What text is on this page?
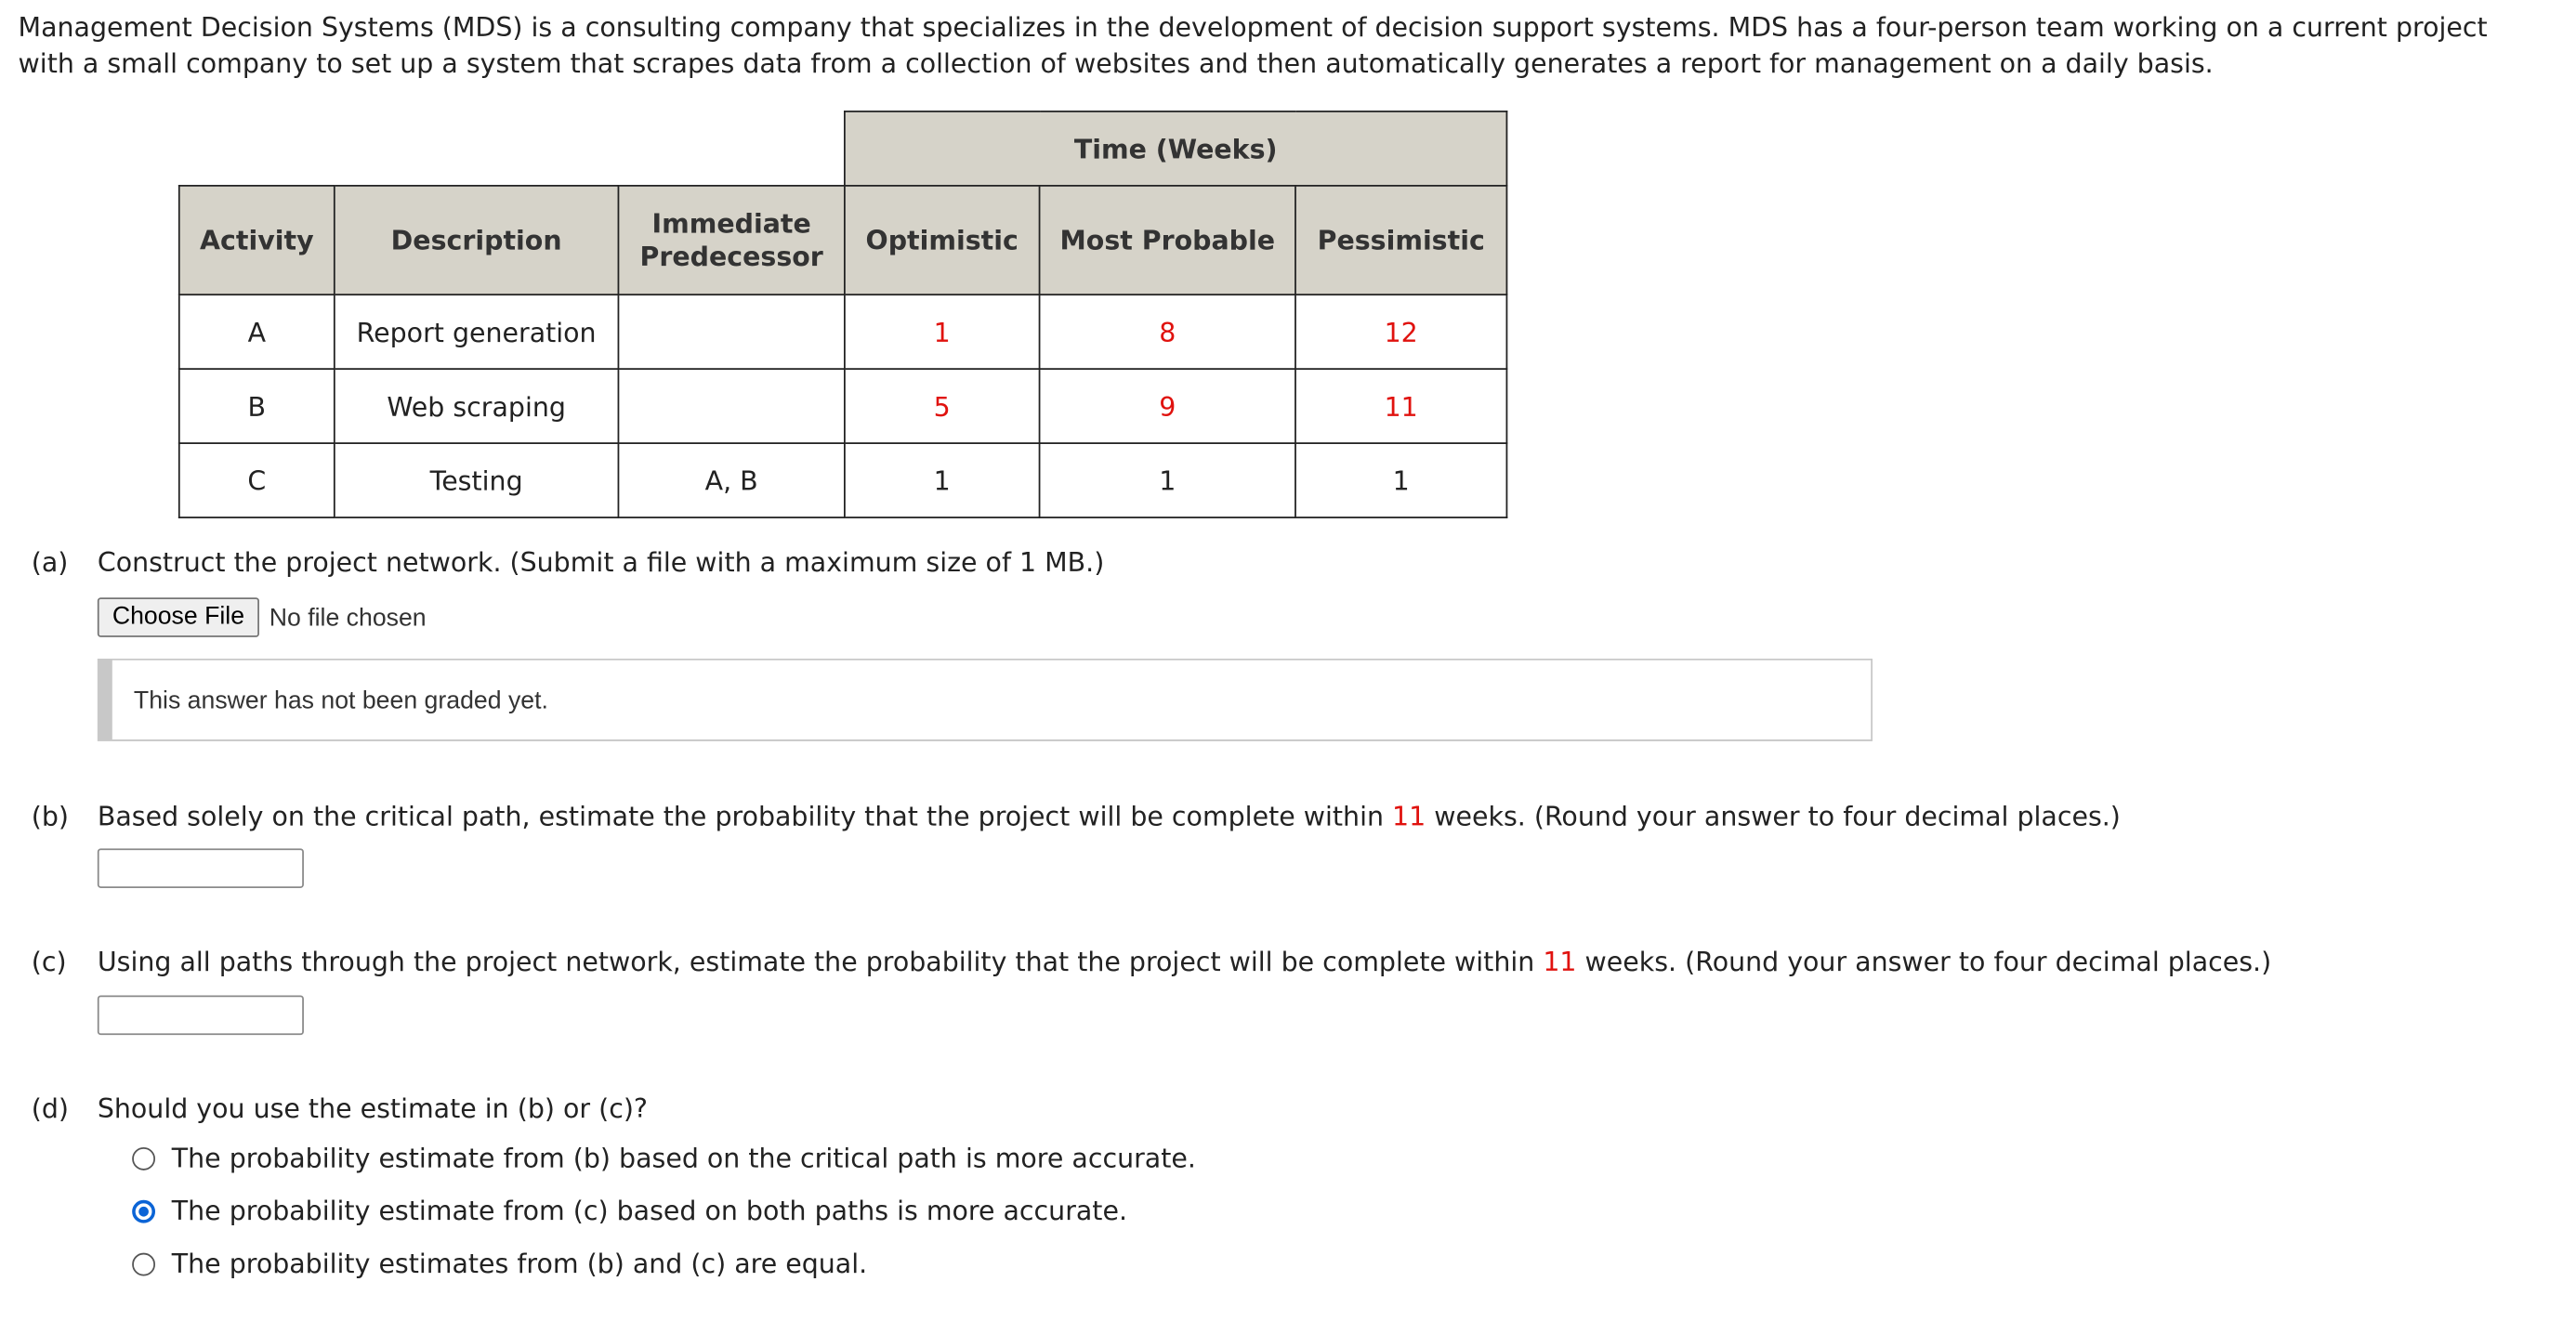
Management Decision Systems (MDS) is a consulting company that specializes in the development of decision support systems. MDS has a four-person team working on a current project with a small company to set up a system that scrapes data from a collection of websites and then automatically generates a report for management on a daily basis.

			Time (Weeks)		
Activity	Description	Immediate Predecessor	Optimistic	Most Probable	Pessimistic
A	Report generation		1	8	12
B	Web scraping		5	9	11
C	Testing	A, B	1	1	1
(a) Construct the project network. (Submit a file with a maximum size of 1 MB.)
Choose File	No file chosen
This answer has not been graded yet.
(b) Based solely on the critical path, estimate the probability that the project will be complete within 11 weeks. (Round your answer to four decimal places.)
(c) Using all paths through the project network, estimate the probability that the project will be complete within 11 weeks. (Round your answer to four decimal places.)
(d) Should you use the estimate in (b) or (c)?
The probability estimate from (b) based on the critical path is more accurate.
The probability estimate from (c) based on both paths is more accurate.
The probability estimates from (b) and (c) are equal.
